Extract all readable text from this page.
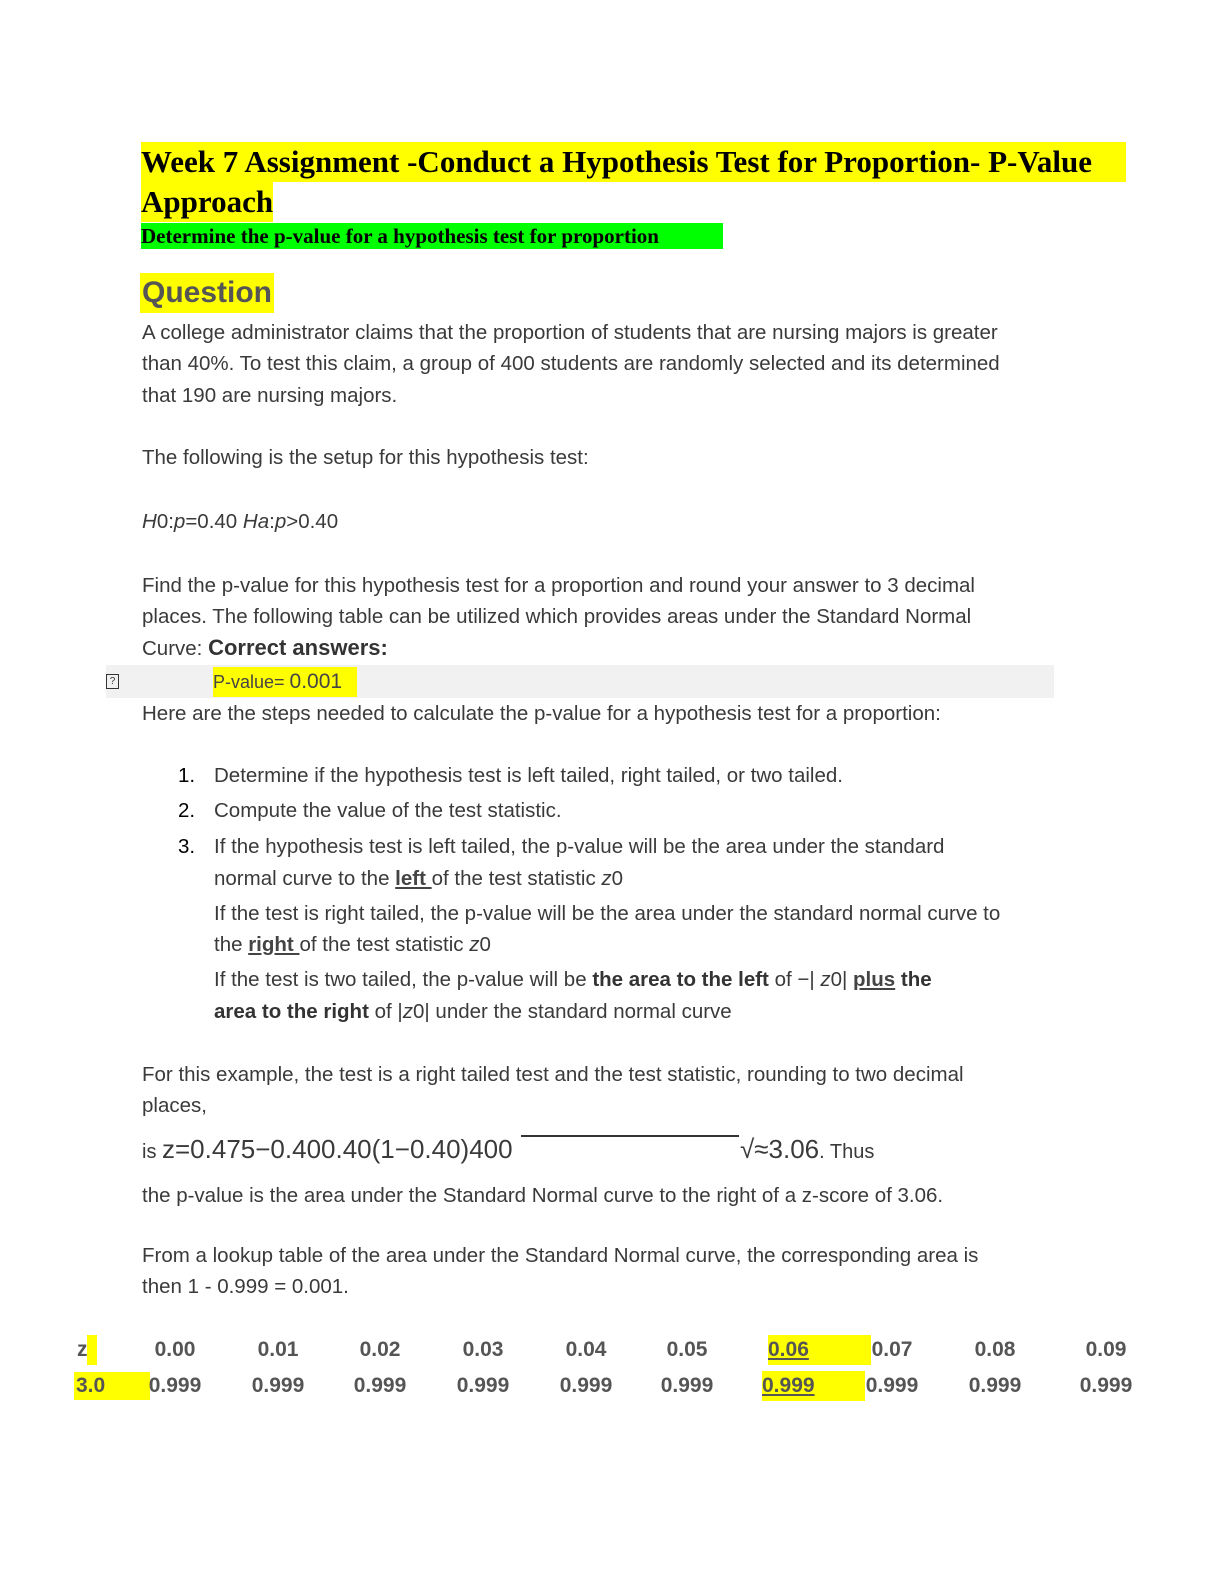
Week 7 Assignment -Conduct a Hypothesis Test for Proportion- P-Value
Approach
Determine the p-value for a hypothesis test for proportion
Question
A college administrator claims that the proportion of students that are nursing majors is greater
than 40%. To test this claim, a group of 400 students are randomly selected and its determined
that 190 are nursing majors.
The following is the setup for this hypothesis test:
H0:p=0.40 Ha:p>0.40
Find the p-value for this hypothesis test for a proportion and round your answer to 3 decimal
places. The following table can be utilized which provides areas under the Standard Normal
Curve: Correct answers:
?	P-value= 0.001
Here are the steps needed to calculate the p-value for a hypothesis test for a proportion:
1. Determine if the hypothesis test is left tailed, right tailed, or two tailed.
2. Compute the value of the test statistic.
3. If the hypothesis test is left tailed, the p-value will be the area under the standard
normal curve to the left of the test statistic z0
If the test is right tailed, the p-value will be the area under the standard normal curve to
the right of the test statistic z0
If the test is two tailed, the p-value will be the area to the left of −| z0| plus the
area to the right of |z0| under the standard normal curve
For this example, the test is a right tailed test and the test statistic, rounding to two decimal
places,
is z=0.475−0.400.40(1−0.40)400	√≈3.06. Thus
the p-value is the area under the Standard Normal curve to the right of a z-score of 3.06.
From a lookup table of the area under the Standard Normal curve, the corresponding area is
then 1 - 0.999 = 0.001.
z
3.0
0.00
0.999
0.01
0.999
0.02
0.999
0.03
0.999
0.04
0.999
0.05
0.999
0.06
0.999
0.07
0.999
0.08
0.999
0.09
0.999
